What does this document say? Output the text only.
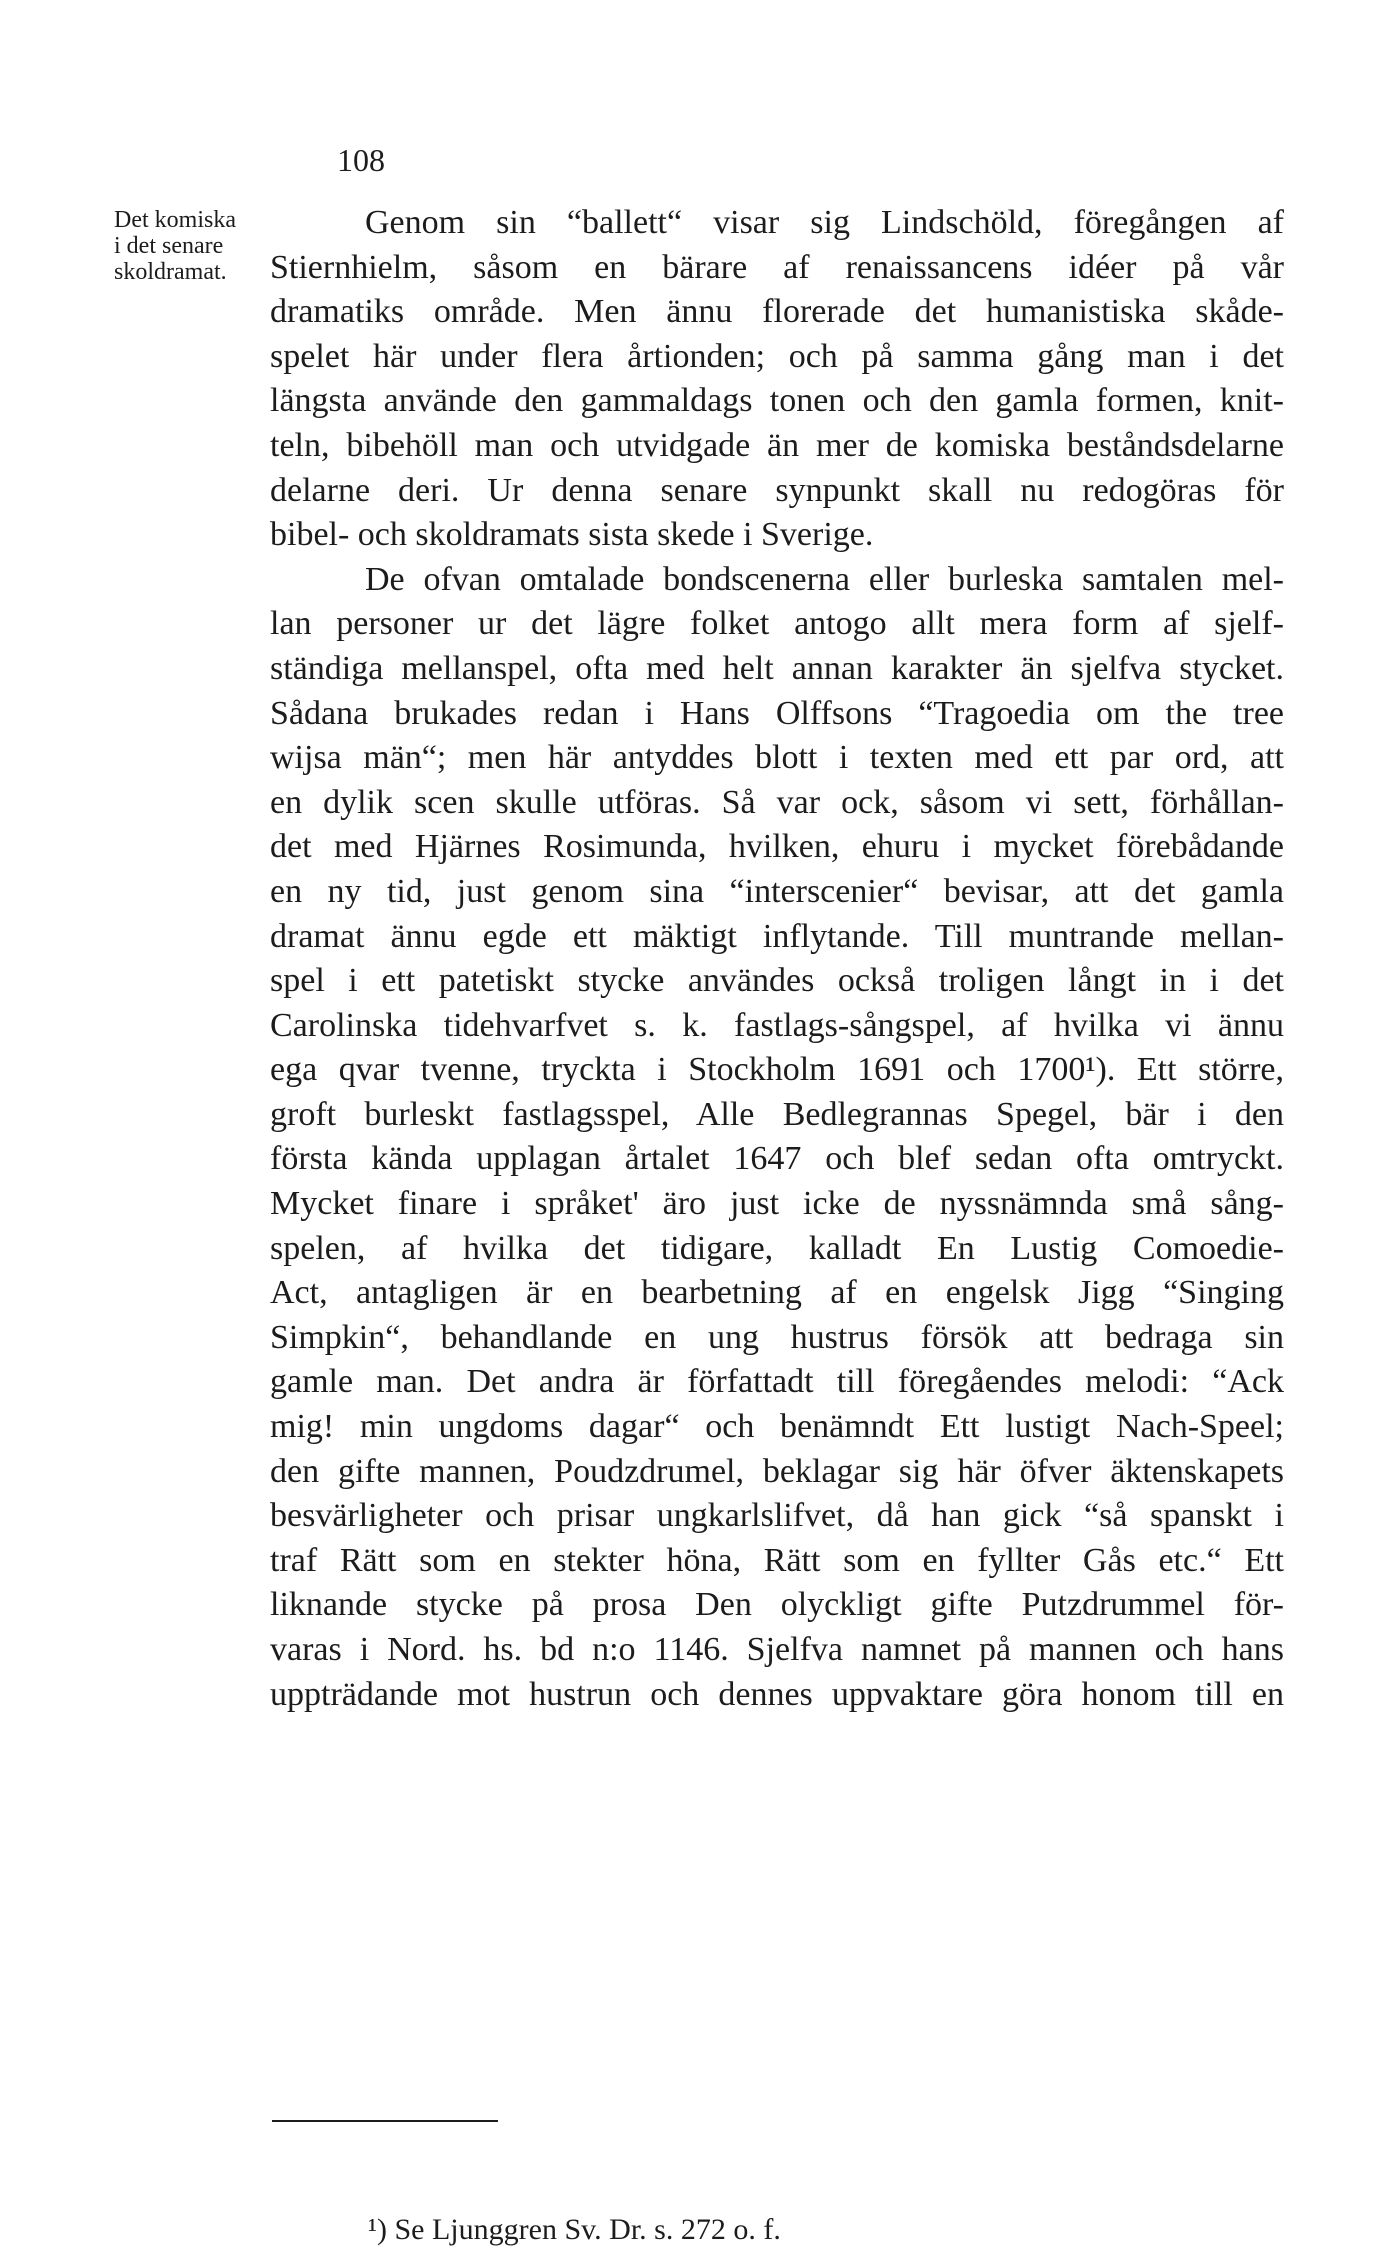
108
Det komiska
i det senare
skoldramat.
Genom sin “ballett“ visar sig Lindschöld, föregången af
Stiernhielm, såsom en bärare af renaissancens idéer på vår
dramatiks område. Men ännu florerade det humanistiska skåde-
spelet här under flera årtionden; och på samma gång man i det
längsta använde den gammaldags tonen och den gamla formen, knit-
teln, bibehöll man och utvidgade än mer de komiska beståndsdelarne
delarne deri. Ur denna senare synpunkt skall nu redogöras för
bibel- och skoldramats sista skede i Sverige.
De ofvan omtalade bondscenerna eller burleska samtalen mel-
lan personer ur det lägre folket antogo allt mera form af sjelf-
ständiga mellanspel, ofta med helt annan karakter än sjelfva stycket.
Sådana brukades redan i Hans Olffsons “Tragoedia om the tree
wijsa män“; men här antyddes blott i texten med ett par ord, att
en dylik scen skulle utföras. Så var ock, såsom vi sett, förhållan-
det med Hjärnes Rosimunda, hvilken, ehuru i mycket förebådande
en ny tid, just genom sina “interscenier“ bevisar, att det gamla
dramat ännu egde ett mäktigt inflytande. Till muntrande mellan-
spel i ett patetiskt stycke användes också troligen långt in i det
Carolinska tidehvarfvet s. k. fastlags-sångspel, af hvilka vi ännu
ega qvar tvenne, tryckta i Stockholm 1691 och 1700¹). Ett större,
groft burleskt fastlagsspel, Alle Bedlegrannas Spegel, bär i den
första kända upplagan årtalet 1647 och blef sedan ofta omtryckt.
Mycket finare i språket' äro just icke de nyssnämnda små sång-
spelen, af hvilka det tidigare, kalladt En Lustig Comoedie-
Act, antagligen är en bearbetning af en engelsk Jigg “Singing
Simpkin“, behandlande en ung hustrus försök att bedraga sin
gamle man. Det andra är författadt till föregåendes melodi: “Ack
mig! min ungdoms dagar“ och benämndt Ett lustigt Nach-Speel;
den gifte mannen, Poudzdrumel, beklagar sig här öfver äktenskapets
besvärligheter och prisar ungkarlslifvet, då han gick “så spanskt i
traf Rätt som en stekter höna, Rätt som en fyllter Gås etc.“ Ett
liknande stycke på prosa Den olyckligt gifte Putzdrummel för-
varas i Nord. hs. bd n:o 1146. Sjelfva namnet på mannen och hans
uppträdande mot hustrun och dennes uppvaktare göra honom till en
¹) Se Ljunggren Sv. Dr. s. 272 o. f.
